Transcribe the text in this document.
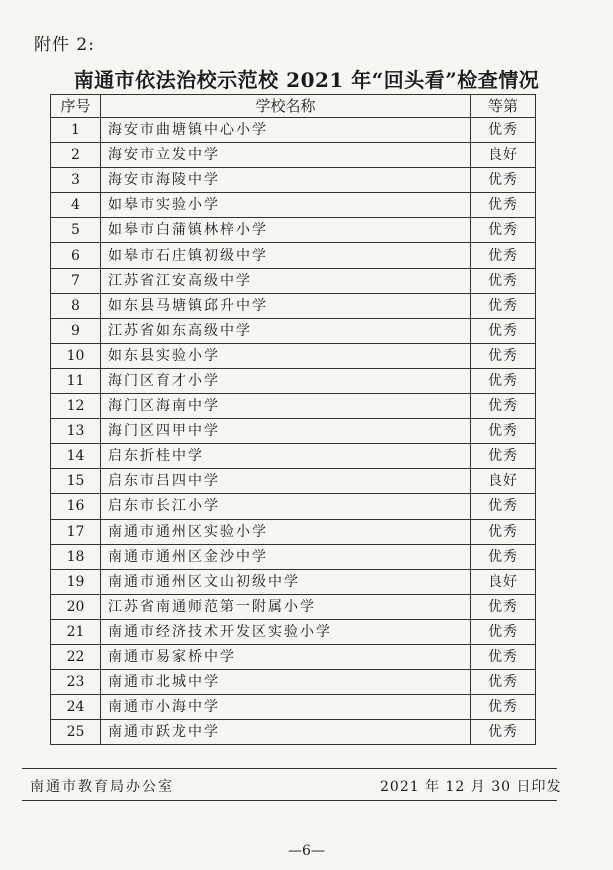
附件 2:
南通市依法治校示范校 2021 年“回头看”检查情况
序号	学校名称	等第
1	海安市曲塘镇中心小学	优秀
2	海安市立发中学	良好
3	海安市海陵中学	优秀
4	如皋市实验小学	优秀
5	如皋市白蒲镇林梓小学	优秀
6	如皋市石庄镇初级中学	优秀
7	江苏省江安高级中学	优秀
8	如东县马塘镇邱升中学	优秀
9	江苏省如东高级中学	优秀
10	如东县实验小学	优秀
11	海门区育才小学	优秀
12	海门区海南中学	优秀
13	海门区四甲中学	优秀
14	启东折桂中学	优秀
15	启东市吕四中学	良好
16	启东市长江小学	优秀
17	南通市通州区实验小学	优秀
18	南通市通州区金沙中学	优秀
19	南通市通州区文山初级中学	良好
20	江苏省南通师范第一附属小学	优秀
21	南通市经济技术开发区实验小学	优秀
22	南通市易家桥中学	优秀
23	南通市北城中学	优秀
24	南通市小海中学	优秀
25	南通市跃龙中学	优秀
南通市教育局办公室	2021 年 12 月 30 日印发
—6—
